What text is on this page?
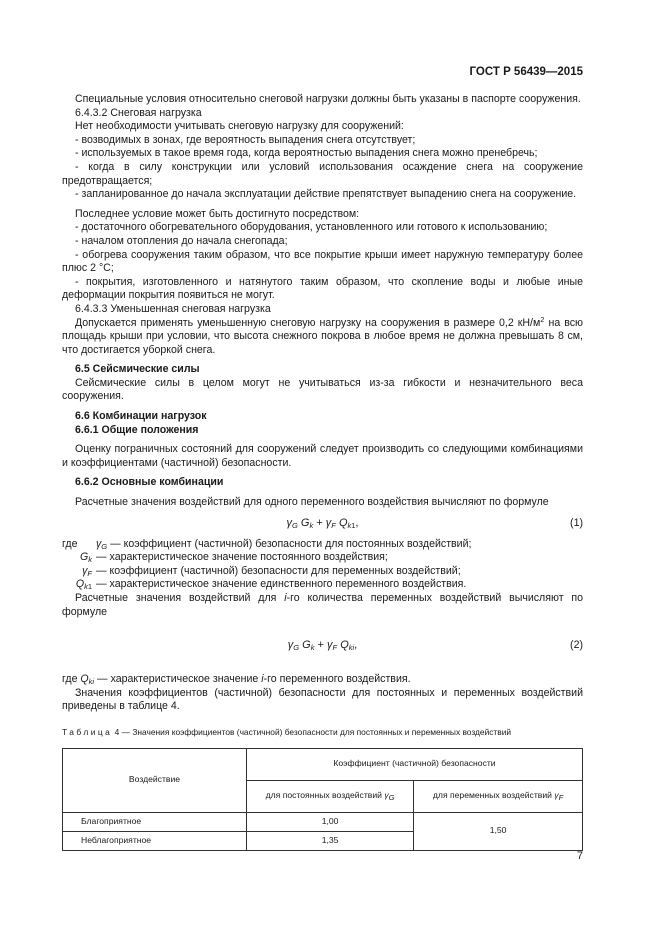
ГОСТ Р 56439—2015

Специальные условия относительно снеговой нагрузки должны быть указаны в паспорте сооружения.

6.4.3.2 Снеговая нагрузка

Нет необходимости учитывать снеговую нагрузку для сооружений:

- возводимых в зонах, где вероятность выпадения снега отсутствует;

- используемых в такое время года, когда вероятностью выпадения снега можно пренебречь;

- когда в силу конструкции или условий использования осаждение снега на сооружение предотвращается;

- запланированное до начала эксплуатации действие препятствует выпадению снега на сооружение.

Последнее условие может быть достигнуто посредством:

- достаточного обогревательного оборудования, установленного или готового к использованию;

- началом отопления до начала снегопада;

- обогрева сооружения таким образом, что все покрытие крыши имеет наружную температуру более плюс 2 °С;

- покрытия, изготовленного и натянутого таким образом, что скопление воды и любые иные деформации покрытия появиться не могут.

6.4.3.3 Уменьшенная снеговая нагрузка

Допускается применять уменьшенную снеговую нагрузку на сооружения в размере 0,2 $кН/м^2$ на всю площадь крыши при условии, что высота снежного покрова в любое время не должна превышать 8 см, что достигается уборкой снега.

6.5 Сейсмические силы

Сейсмические силы в целом могут не учитываться из-за гибкости и незначительного веса сооружения.

6.6 Комбинации нагрузок

6.6.1 Общие положения

Оценку пограничных состояний для сооружений следует производить со следующими комбинациями и коэффициентами (частичной) безопасности.

6.6.2 Основные комбинации

Расчетные значения воздействий для одного переменного воздействия вычисляют по формуле

$\gamma_G$ $G_k + \gamma_F$ $Q_{k1}$,	(1)
где	$\gamma_G$ — коэффициент (частичной) безопасности для постоянных воздействий;
$G_k$ — характеристическое значение постоянного воздействия;
$\gamma_F$ — коэффициент (частичной) безопасности для переменных воздействий;
$Q_{k1}$ — характеристическое значение единственного переменного воздействия.

Расчетные значения воздействий для i-го количества переменных воздействий вычисляют по формуле

$\gamma_G$ $G_k + \gamma_F$ $Q_{ki}$,	(2)

где $Q_{ki}$ — характеристическое значение i-го переменного воздействия.

Значения коэффициентов (частичной) безопасности для постоянных и переменных воздействий приведены в таблице 4.

Таблица 4 — Значения коэффициентов (частичной) безопасности для постоянных и переменных воздействий
Воздействие	Коэффициент (частичной) безопасности	
	для постоянных воздействий $\gamma_G$	для переменных воздействий $\gamma_F$
Благоприятное	1,00	1,50
Неблагоприятное	1,35	
7
